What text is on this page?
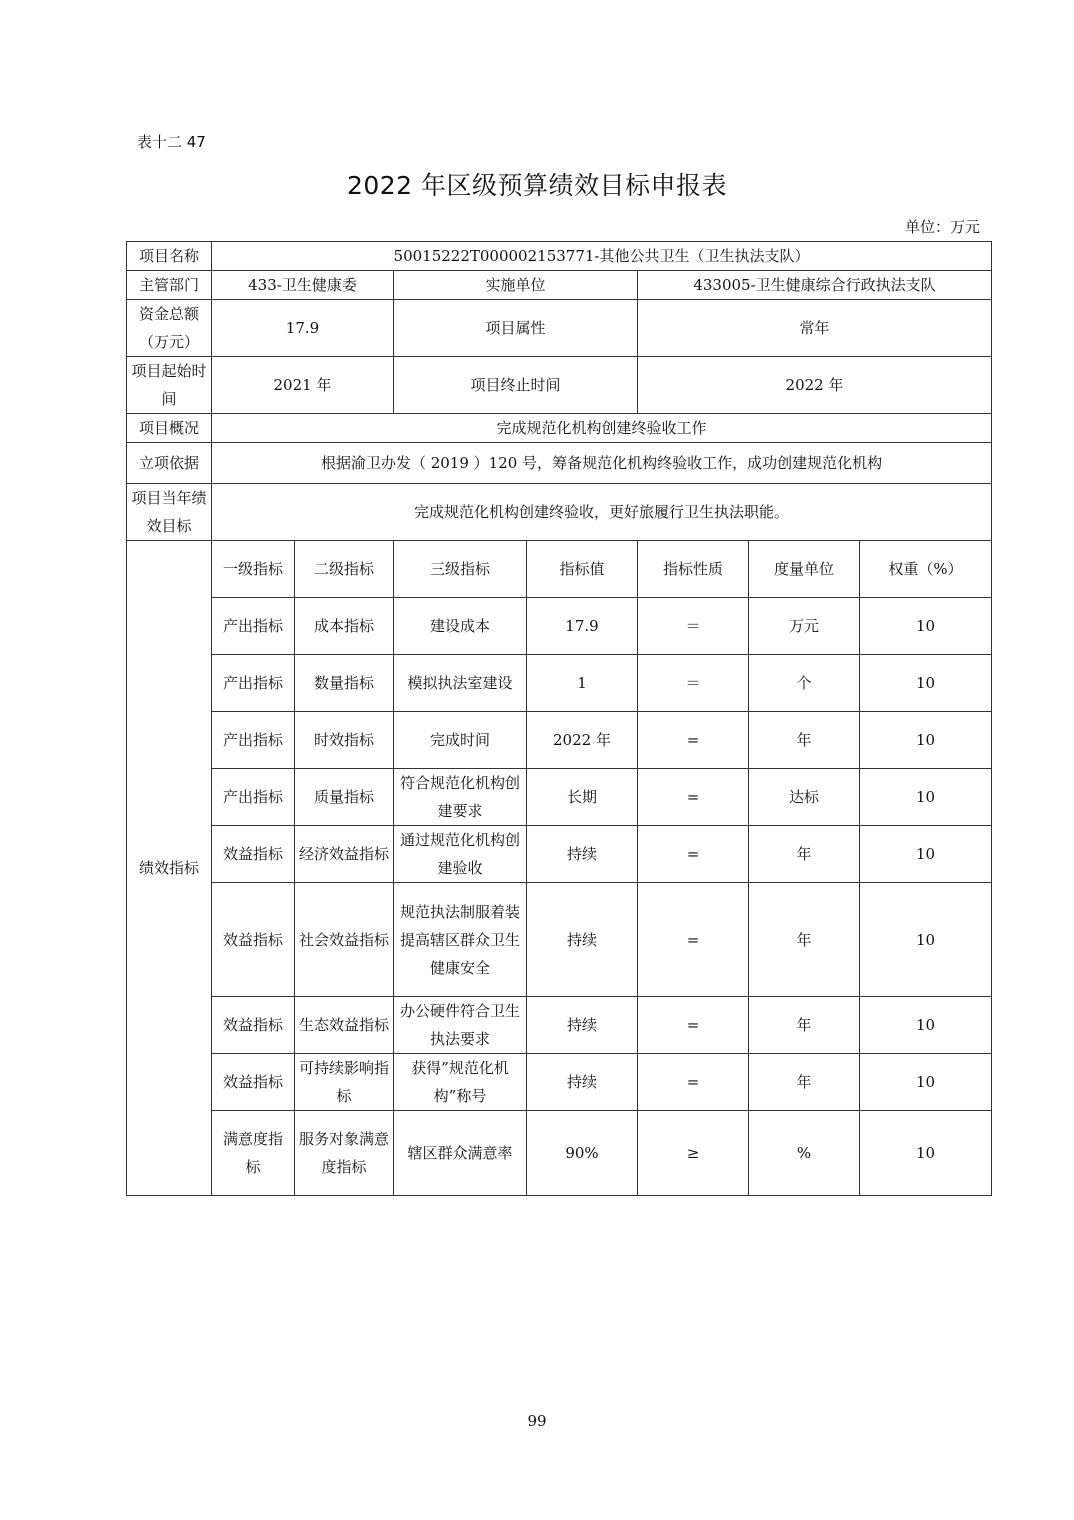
表十二 47
2022 年区级预算绩效目标申报表
单位：万元
项目名称	50015222T000002153771-其他公共卫生（卫生执法支队）						
主管部门	433-卫生健康委		实施单位		433005-卫生健康综合行政执法支队		
资金总额（万元）	17.9		项目属性		常年		
项目起始时间	2021 年		项目终止时间		2022 年		
项目概况	完成规范化机构创建终验收工作						
立项依据	根据渝卫办发（ 2019 ）120 号，筹备规范化机构终验收工作，成功创建规范化机构						
项目当年绩效目标	完成规范化机构创建终验收，更好旅履行卫生执法职能。						
绩效指标	一级指标	二级指标	三级指标	指标值	指标性质	度量单位	权重（%）
	产出指标	成本指标	建设成本	17.9	＝	万元	10
	产出指标	数量指标	模拟执法室建设	1	＝	个	10
	产出指标	时效指标	完成时间	2022 年	=	年	10
	产出指标	质量指标	符合规范化机构创建要求	长期	=	达标	10
	效益指标	经济效益指标	通过规范化机构创建验收	持续	=	年	10
	效益指标	社会效益指标	规范执法制服着装提高辖区群众卫生健康安全	持续	=	年	10
	效益指标	生态效益指标	办公硬件符合卫生执法要求	持续	=	年	10
	效益指标	可持续影响指标	获得”规范化机构”称号	持续	=	年	10
	满意度指标	服务对象满意度指标	辖区群众满意率	90%	≥	%	10
99
